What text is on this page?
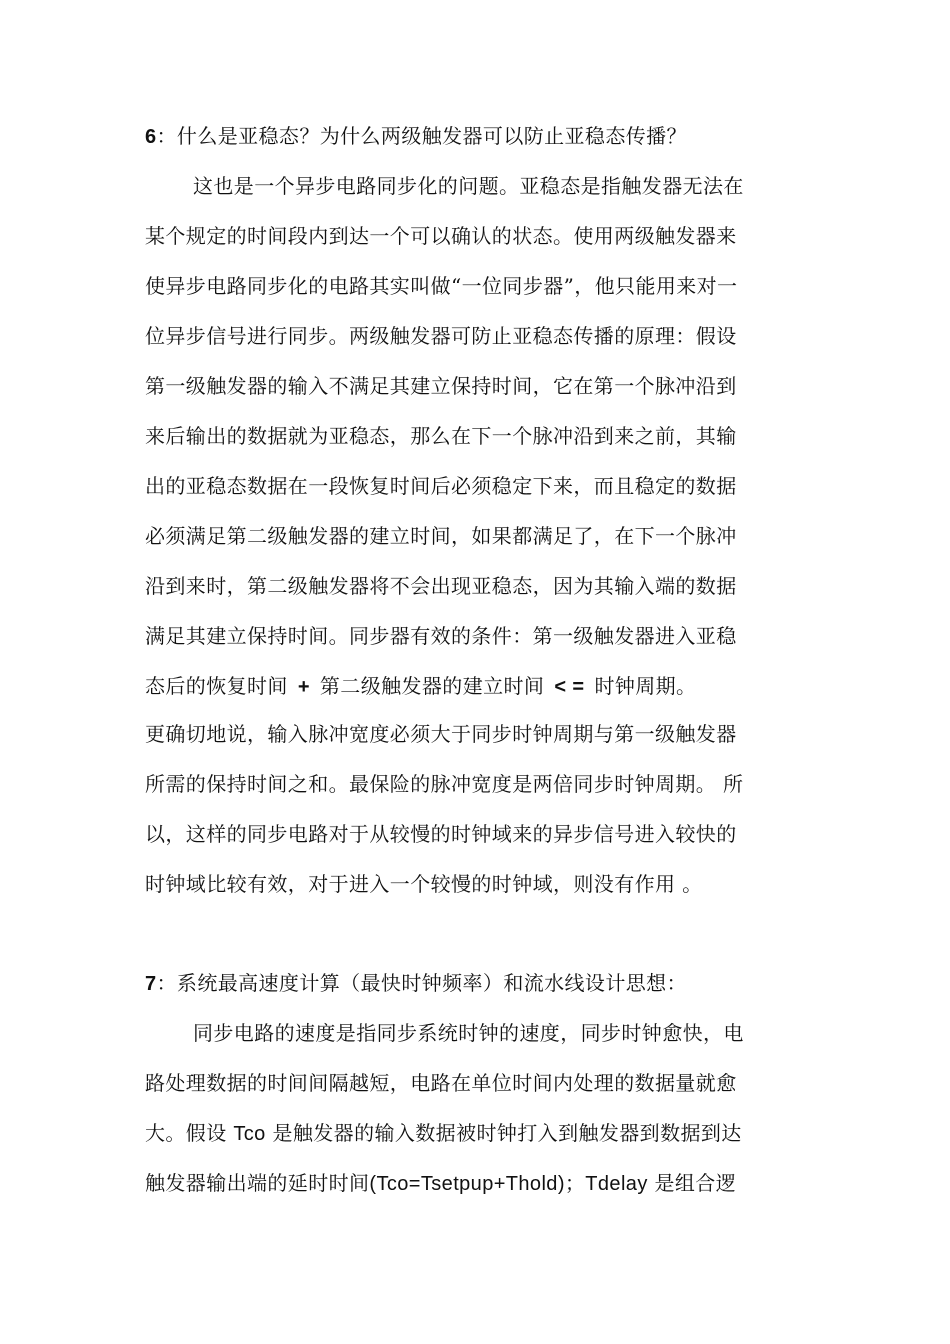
6：什么是亚稳态？为什么两级触发器可以防止亚稳态传播？
这也是一个异步电路同步化的问题。亚稳态是指触发器无法在
某个规定的时间段内到达一个可以确认的状态。使用两级触发器来
使异步电路同步化的电路其实叫做“一位同步器”，他只能用来对一
位异步信号进行同步。两级触发器可防止亚稳态传播的原理：假设
第一级触发器的输入不满足其建立保持时间，它在第一个脉冲沿到
来后输出的数据就为亚稳态，那么在下一个脉冲沿到来之前，其输
出的亚稳态数据在一段恢复时间后必须稳定下来，而且稳定的数据
必须满足第二级触发器的建立时间，如果都满足了，在下一个脉冲
沿到来时，第二级触发器将不会出现亚稳态，因为其输入端的数据
满足其建立保持时间。同步器有效的条件：第一级触发器进入亚稳
态后的恢复时间 + 第二级触发器的建立时间 < = 时钟周期。
更确切地说，输入脉冲宽度必须大于同步时钟周期与第一级触发器
所需的保持时间之和。最保险的脉冲宽度是两倍同步时钟周期。 所
以，这样的同步电路对于从较慢的时钟域来的异步信号进入较快的
时钟域比较有效，对于进入一个较慢的时钟域，则没有作用 。
7：系统最高速度计算（最快时钟频率）和流水线设计思想：
同步电路的速度是指同步系统时钟的速度，同步时钟愈快，电
路处理数据的时间间隔越短，电路在单位时间内处理的数据量就愈
大。假设 Tco 是触发器的输入数据被时钟打入到触发器到数据到达
触发器输出端的延时时间(Tco=Tsetpup+Thold)；Tdelay 是组合逻
